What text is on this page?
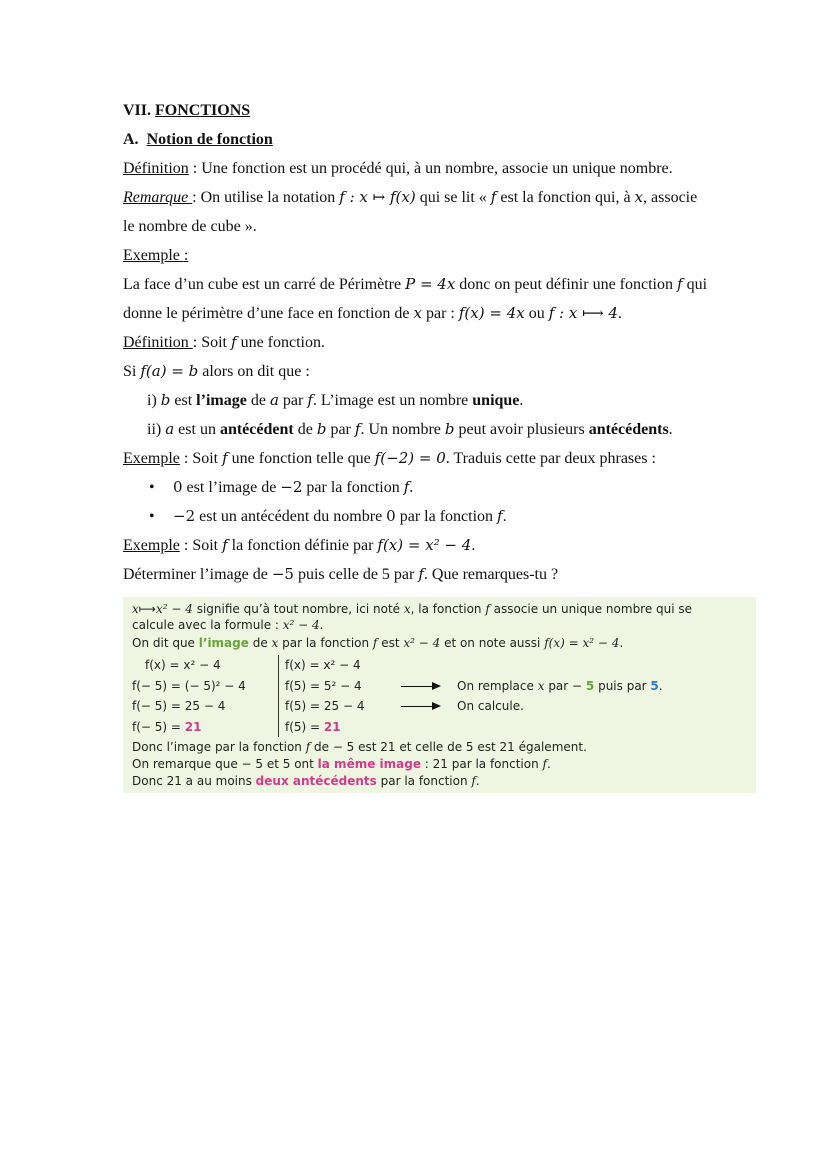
VII. FONCTIONS
A. Notion de fonction
Définition : Une fonction est un procédé qui, à un nombre, associe un unique nombre.
Remarque : On utilise la notation f : x ↦ f(x) qui se lit « f est la fonction qui, à x, associe
le nombre de cube ».
Exemple :
La face d’un cube est un carré de Périmètre P = 4x donc on peut définir une fonction f qui
donne le périmètre d’une face en fonction de x par : f(x) = 4x ou f : x ⟼ 4.
Définition : Soit f une fonction.
Si f(a) = b alors on dit que :
i) b est l’image de a par f. L’image est un nombre unique.
ii) a est un antécédent de b par f. Un nombre b peut avoir plusieurs antécédents.
Exemple : Soit f une fonction telle que f(−2) = 0. Traduis cette par deux phrases :
• 0 est l’image de −2 par la fonction f.
• −2 est un antécédent du nombre 0 par la fonction f.
Exemple : Soit f la fonction définie par f(x) = x² − 4.
Déterminer l’image de −5 puis celle de 5 par f. Que remarques-tu ?
x⟼x² − 4 signifie qu’à tout nombre, ici noté x, la fonction f associe un unique nombre qui se
calcule avec la formule : x² − 4.
On dit que l’image de x par la fonction f est x² − 4 et on note aussi f(x) = x² − 4.
f(x) = x² − 4
f(− 5) = (− 5)² − 4
f(− 5) = 25 − 4
f(− 5) = 21
f(x) = x² − 4
f(5) = 5² − 4
f(5) = 25 − 4
f(5) = 21
On remplace x par − 5 puis par 5.
On calcule.
Donc l’image par la fonction f de − 5 est 21 et celle de 5 est 21 également.
On remarque que − 5 et 5 ont la même image : 21 par la fonction f.
Donc 21 a au moins deux antécédents par la fonction f.
